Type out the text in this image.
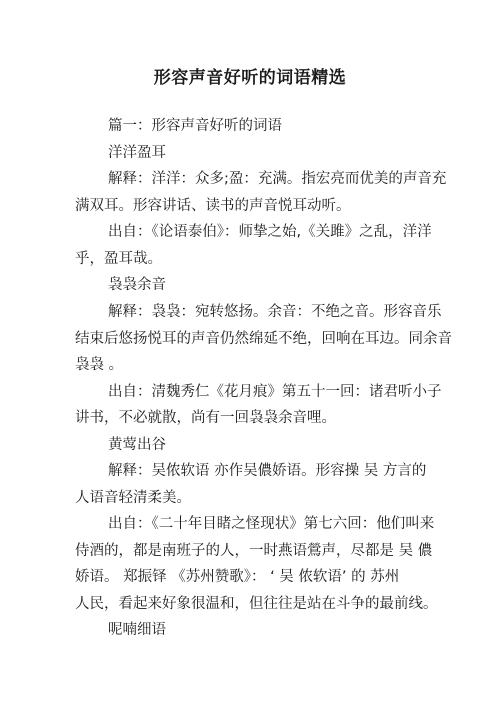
形容声音好听的词语精选
篇一：形容声音好听的词语
洋洋盈耳
解释：洋洋：众多;盈：充满。指宏亮而优美的声音充
满双耳。形容讲话、读书的声音悦耳动听。
出自：《论语泰伯》：师挚之始,《关雎》之乱，洋洋
乎，盈耳哉。
袅袅余音
解释：袅袅：宛转悠扬。余音：不绝之音。形容音乐
结束后悠扬悦耳的声音仍然绵延不绝，回响在耳边。同余音
袅袅 。
出自：清魏秀仁《花月痕》第五十一回：诸君听小子
讲书，不必就散，尚有一回袅袅余音哩。
黄莺出谷
解释：吴侬软语 亦作吴儂娇语。形容操 吴 方言的
人语音轻清柔美。
出自：《二十年目睹之怪现状》第七六回：他们叫来
侍酒的，都是南班子的人，一时燕语鶯声，尽都是 吴 儂
娇语。 郑振铎 《苏州赞歌》： ‘ 吴 侬软语’ 的 苏州
人民，看起来好象很温和，但往往是站在斗争的最前线。
呢喃细语
